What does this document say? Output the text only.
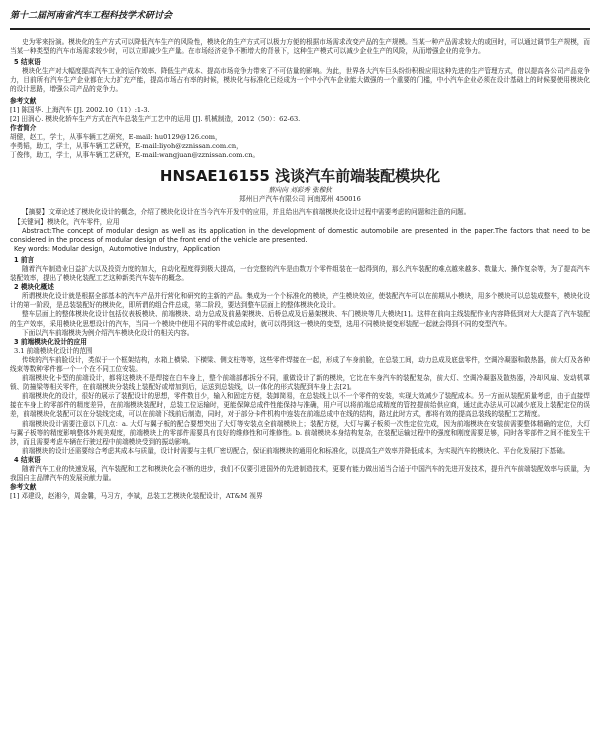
第十二届河南省汽车工程科技学术研讨会

史为零来扮演。模块化的生产方式可以降低汽车生产的风险性，模块化的生产方式可以极力方便的根据市场需求改变产品的生产规模。当某一种产品需求较大的或回时，可以通过调节生产规模，而当某一种类型的汽车市场需求较少时，可以立即减少生产量。在市场经济竞争不断增大的背景下，这种生产模式可以减少企业生产的风险，从而增强企业的竞争力。

5 结束语

模块化生产对大幅度提高汽车工业的运作效率、降低生产成本、提高市场竞争力带来了不可估量的影响。为此，世界各大汽车巨头纷纷积极应用这种先进的生产管理方式，借以提高各公司产品竞争力，目前所有汽车生产企业都在大力扩充产能，提高市场占有率的时候，模块化与标准化已经成为一个中小汽车企业能大做强的一个重要的门槛，中小汽车企业必须在设计基础上的时候要使用模块化的设计思路，增强公司产品的竞争力。

参考文献

[1] 陈国华. 上海汽车 [J]. 2002.10（11）:1-3.

[2] 田润心. 模块化轿车生产方式在汽车总装生产工艺中的运用 [J]. 机械制造，2012（50）：62-63.

作者简介

胡健，赵工，学士，从事车辆工艺研究，E-mail: hu0129@126.com，

李勇韬，助工，学士，从事车辆工艺研究，E-mail:liyoh@zznissan.com.cn，

丁俊伟，助工，学士，从事车辆工艺研究，E-mail:wangjuan@zznissan.com.cn。

HNSAE16155 浅谈汽车前端装配模块化

蔡向向 刘彩秀 张穆狄

郑州日产汽车有限公司 河南郑州 450016

【摘要】文章论述了模块化设计的概念，介绍了模块化设计在当今汽车开发中的应用，并且给出汽车前端模块化设计过程中需要考虑的问题和注意的问题。

【关键词】模块化，汽车零件，应用

Abstract:The concept of modular design as well as its application in the development of domestic automobile are presented in the paper.The factors that need to be considered in the process of modular design of the front end of the vehicle are presented.

Key words: Modular design，Automotive Industry，Application

1 前言

随着汽车制造业日益扩大以及投资力度的加大，自动化程度得到极大提高，一台完整的汽车是由数万个零件组装在一起得到的，那么汽车装配的难点越来越多、数量大、操作复杂等，为了提高汽车装配效率，提出了模块化装配工艺这种新类汽车装车的概念。

2 模块化概述

所谓模块化设计就是根据全部基本的汽车产品并行营化和研究的主新的产品。集成为一个个标准化的模块，产生模块效应，使装配汽车可以在前期从小模块，用多个模块可以总装成整车，模块化设计的第一阶段，是总装装配好的模块化，即所谓的组合件总成，第二阶段，要达到整车层面上的整体模块化设计。

整车层面上的整体模块化设计包括仪表板模块、前端模块、动力总成及前悬架模块、后桥总成及后悬架模块、车门模块等几大模块[1]。这样在前向主线装配作业内容降低到对大大提高了汽车装配的生产效率，采用模块化思想设计的汽车，当同一个模块中使用不同的零件或总成时，就可以得到这一模块的变型，选用不同模块便变形装配一起就会得到不同的变型汽车。

下面以汽车前端模块为例介绍汽车模块化设计的相关内容。

3 前端模块化设计的应用

3.1 前端模块化设计的范围

传统的汽车前脸设计，类似于一个框架结构，水箱上横梁、下横梁、侧支柱等等，这些零件焊接在一起，形成了车身前脸，在总装工间，动力总成及底盘零件，空调冷凝器和散热器，前大灯及各种线束等数种零件都一个一个在不同工位安装。

前端模块化卡型的前端设计，都将这模块不是焊接在白车身上，整个前端部都拆分不同，重做设计了新的模块，它比在车身汽车的装配复杂，前大灯、空调冷凝器及散热器，冷却风扇、发动机罩锁、防撞梁等相关零件，在前端模块分装线上装配好或增加到后，运送到总装线，以一体化的形式装配到车身上去[2]。

前端模块化的设计，很好的展示了装配设计的思想，零件数目少，输入和固定方便，装卸简易，在总装线上以不一个零件的安装，实现大效减少了装配成本。另一方面从装配质量考虑，由于直接焊接在车身上的零部件的精度差异，在前端模块装配时，总装工位运输时，更能保障总成件性能保持与准确，用户可以将前端总成精度的管控提前给供应商，通过此办法从可以减少底及上装配定位的误差，前端模块化装配可以在分装线完成，可以在前端下线前后制造，同时，对于部分卡件机构中连装在前端总成中在线的结构，路过此时方式，都将有效的提高总装线的装配工艺精度。

前端模块设计需要注意以下几点：a. 大灯与翼子板的配合要想突出了大灯等安装点全前端模块上；装配方便，大灯与翼子板须一次性定位完成，因为前端模块在安装前需要整体精确的定位，大灯与翼子板等的精度影响整体外观美观度，前端模块上的零部件需要具有良好的维修性和可维修性。b. 前端模块本身结构复杂，在装配运输过程中的强度和刚度需要足够，同时各零部件之间不能发生干涉，而且需要考虑车辆在行驶过程中前端模块受到的振动影响。

前端模块的设计还需要综合考虑其成本与质量，设计时需要与主机厂密切配合，保证前端模块的通用化和标准化，以提高生产效率并降低成本，为实现汽车的模块化、平台化发展打下基础。

4 结束语

随着汽车工业的快速发展，汽车装配和工艺和模块化会不断的进步，我们不仅要引进国外的先进制造技术，更要有能力做出适当合适于中国汽车的先进开发技术，提升汽车前端装配效率与质量，为我国自主品牌汽车的发展贡献力量。

参考文献

[1] 邓建设，赵湘今，周金馨，马习方，李斌，总装工艺模块化装配设计，AT&M 视界
